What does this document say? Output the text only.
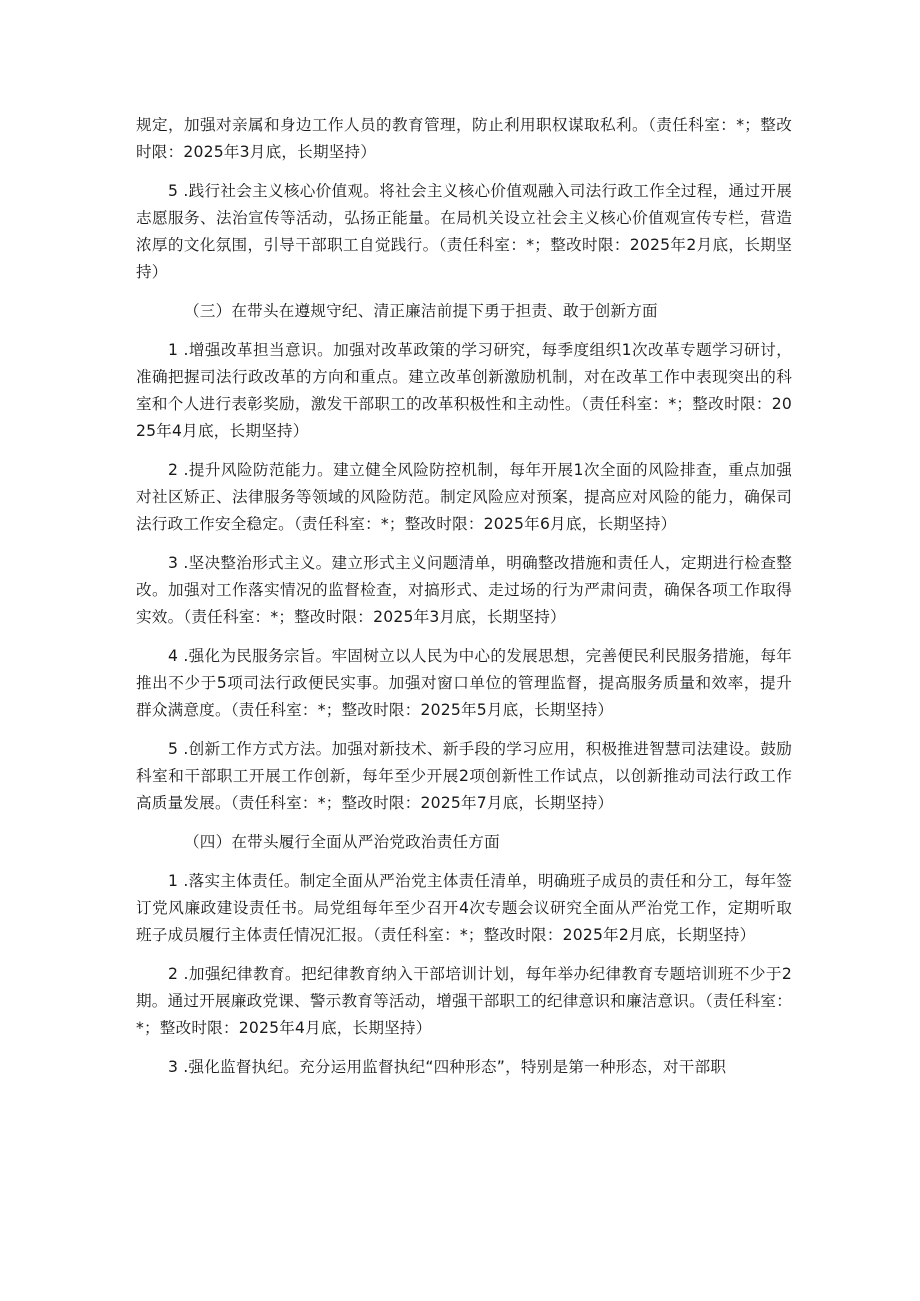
规定，加强对亲属和身边工作人员的教育管理，防止利用职权谋取私利。（责任科室：*；整改时限：2025年3月底，长期坚持）

5 .践行社会主义核心价值观。将社会主义核心价值观融入司法行政工作全过程，通过开展志愿服务、法治宣传等活动，弘扬正能量。在局机关设立社会主义核心价值观宣传专栏，营造浓厚的文化氛围，引导干部职工自觉践行。（责任科室：*；整改时限：2025年2月底，长期坚持）

（三）在带头在遵规守纪、清正廉洁前提下勇于担责、敢于创新方面

1 .增强改革担当意识。加强对改革政策的学习研究，每季度组织1次改革专题学习研讨，准确把握司法行政改革的方向和重点。建立改革创新激励机制，对在改革工作中表现突出的科室和个人进行表彰奖励，激发干部职工的改革积极性和主动性。（责任科室：*；整改时限：2025年4月底，长期坚持）

2 .提升风险防范能力。建立健全风险防控机制，每年开展1次全面的风险排查，重点加强对社区矫正、法律服务等领域的风险防范。制定风险应对预案，提高应对风险的能力，确保司法行政工作安全稳定。（责任科室：*；整改时限：2025年6月底，长期坚持）

3 .坚决整治形式主义。建立形式主义问题清单，明确整改措施和责任人，定期进行检查整改。加强对工作落实情况的监督检查，对搞形式、走过场的行为严肃问责，确保各项工作取得实效。（责任科室：*；整改时限：2025年3月底，长期坚持）

4 .强化为民服务宗旨。牢固树立以人民为中心的发展思想，完善便民利民服务措施，每年推出不少于5项司法行政便民实事。加强对窗口单位的管理监督，提高服务质量和效率，提升群众满意度。（责任科室：*；整改时限：2025年5月底，长期坚持）

5 .创新工作方式方法。加强对新技术、新手段的学习应用，积极推进智慧司法建设。鼓励科室和干部职工开展工作创新，每年至少开展2项创新性工作试点，以创新推动司法行政工作高质量发展。（责任科室：*；整改时限：2025年7月底，长期坚持）

（四）在带头履行全面从严治党政治责任方面

1 .落实主体责任。制定全面从严治党主体责任清单，明确班子成员的责任和分工，每年签订党风廉政建设责任书。局党组每年至少召开4次专题会议研究全面从严治党工作，定期听取班子成员履行主体责任情况汇报。（责任科室：*；整改时限：2025年2月底，长期坚持）

2 .加强纪律教育。把纪律教育纳入干部培训计划，每年举办纪律教育专题培训班不少于2期。通过开展廉政党课、警示教育等活动，增强干部职工的纪律意识和廉洁意识。（责任科室：*；整改时限：2025年4月底，长期坚持）

3 .强化监督执纪。充分运用监督执纪“四种形态”，特别是第一种形态，对干部职
